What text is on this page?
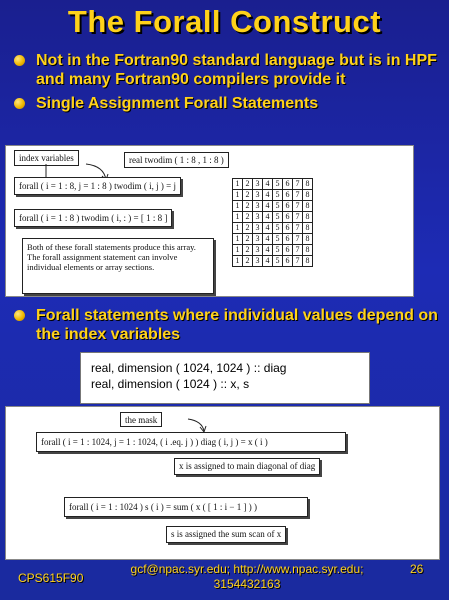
The Forall Construct
Not in the Fortran90 standard language but is in HPF and many Fortran90 compilers provide it
Single Assignment Forall Statements
real twodim ( 1 : 8 , 1 : 8 )
index variables
forall ( i = 1 : 8, j = 1 : 8 ) twodim ( i, j ) = j
forall ( i = 1 : 8 ) twodim ( i, : ) = [ 1 : 8 ]
Both of these forall statements produce this array. The forall assignment statement can involve individual elements or array sections.
1	2	3	4	5	6	7	8
1	2	3	4	5	6	7	8
1	2	3	4	5	6	7	8
1	2	3	4	5	6	7	8
1	2	3	4	5	6	7	8
1	2	3	4	5	6	7	8
1	2	3	4	5	6	7	8
1	2	3	4	5	6	7	8
Forall statements where individual values depend on the index variables
real, dimension ( 1024, 1024 ) :: diag
real, dimension ( 1024 ) :: x, s
the mask
forall ( i = 1 : 1024, j = 1 : 1024, ( i .eq. j ) ) diag ( i, j ) = x ( i )
x is assigned to main diagonal of diag
forall ( i = 1 : 1024 ) s ( i ) = sum ( x ( [ 1 : i − 1 ] ) )
s is assigned the sum scan of x
CPS615F90
gcf@npac.syr.edu; http://www.npac.syr.edu; 3154432163
26
